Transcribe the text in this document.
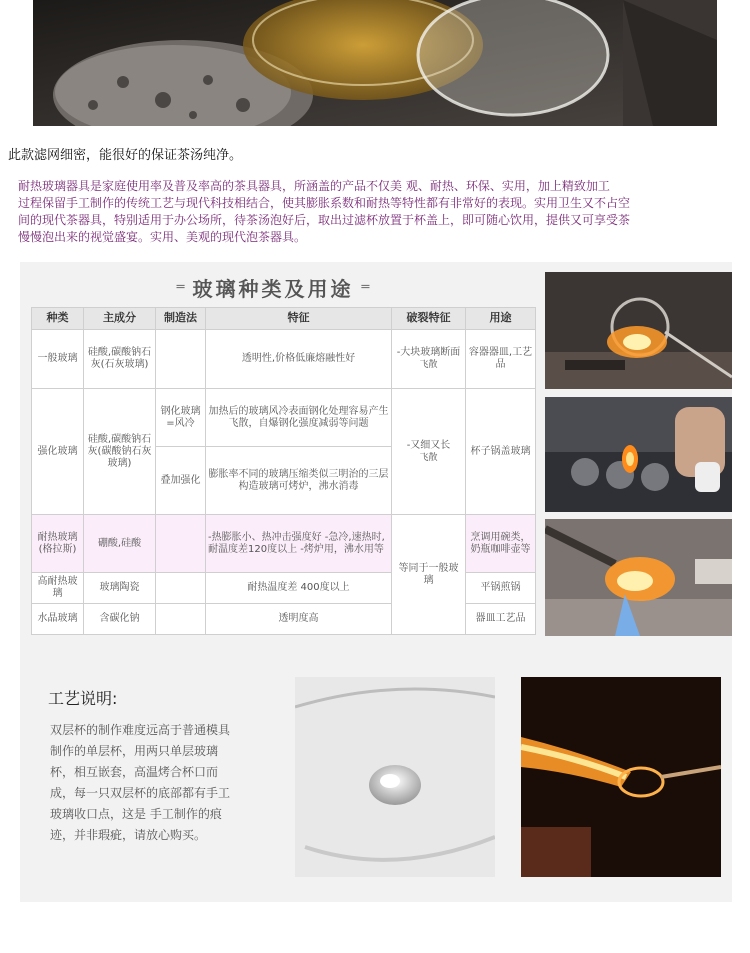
此款滤网细密，能很好的保证茶汤纯净。

耐热玻璃器具是家庭使用率及普及率高的茶具器具，所涵盖的产品不仅美 观、耐热、环保、实用，加上精致加工

过程保留手工制作的传统工艺与现代科技相结合，使其膨胀系数和耐热等特性都有非常好的表现。实用卫生又不占空

间的现代茶器具，特别适用于办公场所，待茶汤泡好后，取出过滤杯放置于杯盖上，即可随心饮用，提供又可享受茶

慢慢泡出来的视觉盛宴。实用、美观的现代泡茶器具。

═ 玻璃种类及用途 ═
种类	主成分	制造法	特征	破裂特征	用途
一般玻璃	硅酸,碳酸钠石灰(石灰玻璃)		透明性,价格低廉熔融性好	-大块玻璃断面
飞散	容器器皿,工艺品
强化玻璃	硅酸,碳酸钠石灰(碳酸钠石灰玻璃)	钢化玻璃=风冷	加热后的玻璃风冷表面钢化处理容易产生飞散，自爆钢化强度减弱等问题	-又细又长
飞散	杯子锅盖玻璃
		叠加强化	膨胀率不同的玻璃压缩类似三明治的三层构造玻璃可烤炉，沸水消毒		
耐热玻璃(格拉斯)	硼酸,硅酸		-热膨胀小、热冲击强度好 -急冷,速热时,耐温度差120度以上 -烤炉用，沸水用等	等同于一般玻璃	烹调用碗类，奶瓶咖啡壶等
高耐热玻璃	玻璃陶瓷		耐热温度差 400度以上		平锅煎锅
水晶玻璃	含碳化钠		透明度高		器皿工艺品
工艺说明:

双层杯的制作难度远高于普通模具

制作的单层杯，用两只单层玻璃

杯，相互嵌套，高温烤合杯口而

成，每一只双层杯的底部都有手工

玻璃收口点，这是 手工制作的痕

迹，并非瑕疵，请放心购买。
